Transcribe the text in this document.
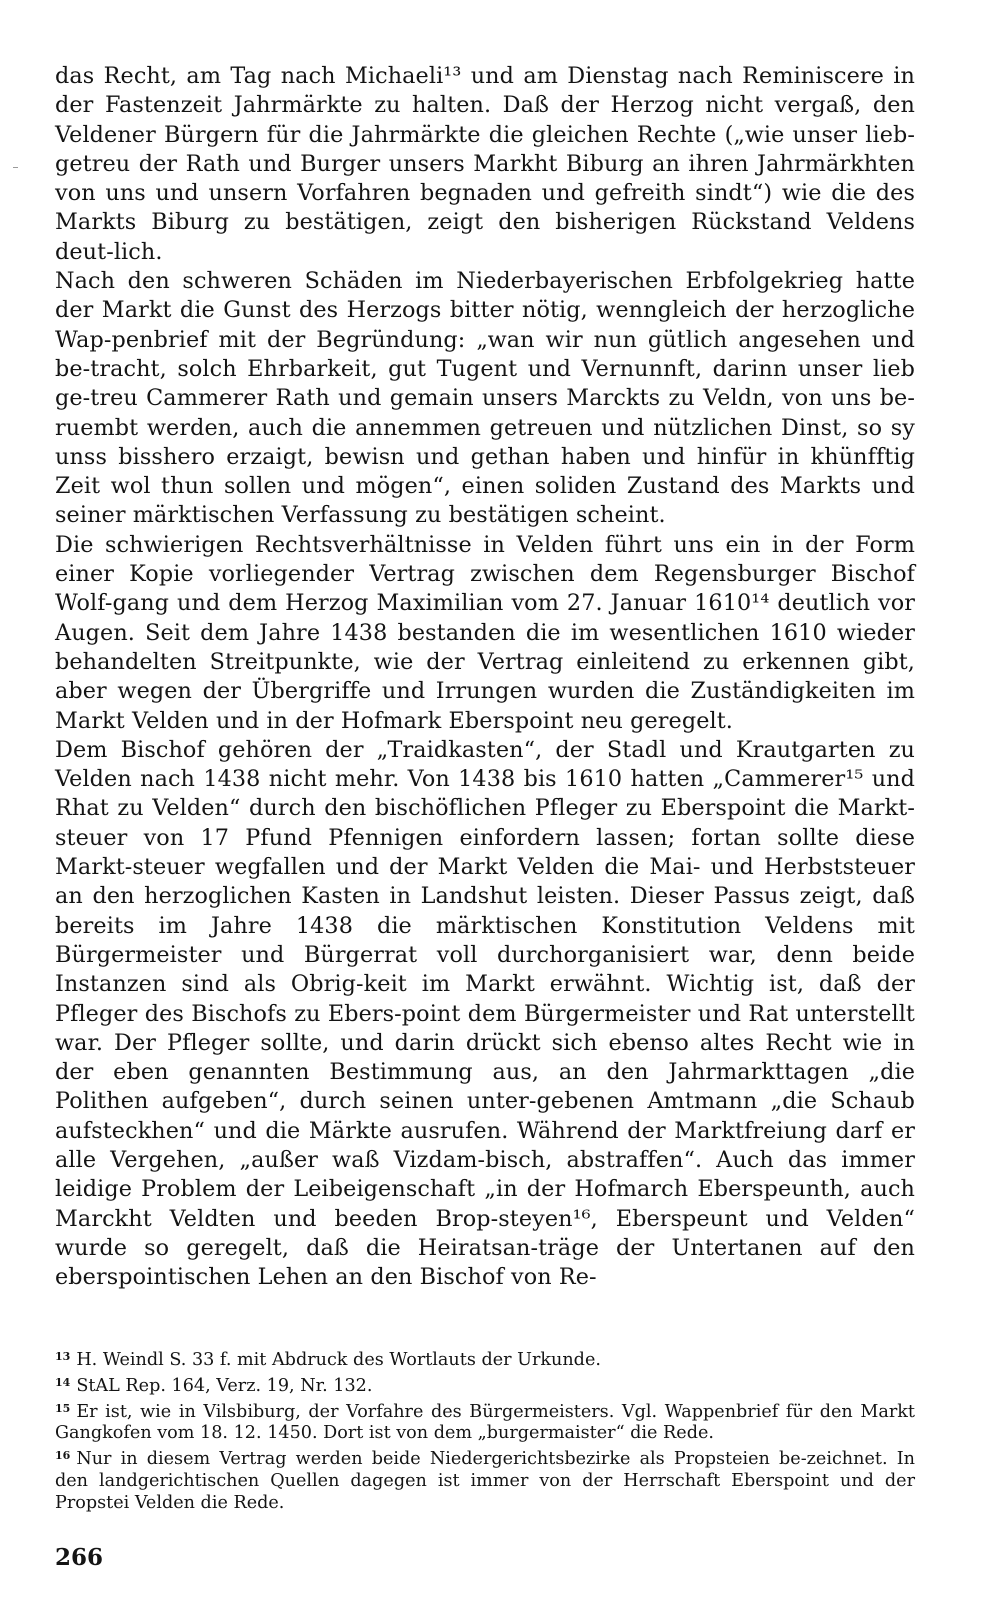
das Recht, am Tag nach Michaeli¹³ und am Dienstag nach Reminiscere in der Fastenzeit Jahrmärkte zu halten. Daß der Herzog nicht vergaß, den Veldener Bürgern für die Jahrmärkte die gleichen Rechte („wie unser lieb-getreu der Rath und Burger unsers Markht Biburg an ihren Jahrmärkhten von uns und unsern Vorfahren begnaden und gefreith sindt“) wie die des Markts Biburg zu bestätigen, zeigt den bisherigen Rückstand Veldens deut-lich.

Nach den schweren Schäden im Niederbayerischen Erbfolgekrieg hatte der Markt die Gunst des Herzogs bitter nötig, wenngleich der herzogliche Wap-penbrief mit der Begründung: „wan wir nun gütlich angesehen und be-tracht, solch Ehrbarkeit, gut Tugent und Vernunnft, darinn unser lieb ge-treu Cammerer Rath und gemain unsers Marckts zu Veldn, von uns be-ruembt werden, auch die annemmen getreuen und nützlichen Dinst, so sy unss bisshero erzaigt, bewisn und gethan haben und hinfür in khünfftig Zeit wol thun sollen und mögen“, einen soliden Zustand des Markts und seiner märktischen Verfassung zu bestätigen scheint.

Die schwierigen Rechtsverhältnisse in Velden führt uns ein in der Form einer Kopie vorliegender Vertrag zwischen dem Regensburger Bischof Wolf-gang und dem Herzog Maximilian vom 27. Januar 1610¹⁴ deutlich vor Augen. Seit dem Jahre 1438 bestanden die im wesentlichen 1610 wieder behandelten Streitpunkte, wie der Vertrag einleitend zu erkennen gibt, aber wegen der Übergriffe und Irrungen wurden die Zuständigkeiten im Markt Velden und in der Hofmark Eberspoint neu geregelt.

Dem Bischof gehören der „Traidkasten“, der Stadl und Krautgarten zu Velden nach 1438 nicht mehr. Von 1438 bis 1610 hatten „Cammerer¹⁵ und Rhat zu Velden“ durch den bischöflichen Pfleger zu Eberspoint die Markt-steuer von 17 Pfund Pfennigen einfordern lassen; fortan sollte diese Markt-steuer wegfallen und der Markt Velden die Mai- und Herbststeuer an den herzoglichen Kasten in Landshut leisten. Dieser Passus zeigt, daß bereits im Jahre 1438 die märktischen Konstitution Veldens mit Bürgermeister und Bürgerrat voll durchorganisiert war, denn beide Instanzen sind als Obrig-keit im Markt erwähnt. Wichtig ist, daß der Pfleger des Bischofs zu Ebers-point dem Bürgermeister und Rat unterstellt war. Der Pfleger sollte, und darin drückt sich ebenso altes Recht wie in der eben genannten Bestimmung aus, an den Jahrmarkttagen „die Polithen aufgeben“, durch seinen unter-gebenen Amtmann „die Schaub aufsteckhen“ und die Märkte ausrufen. Während der Marktfreiung darf er alle Vergehen, „außer waß Vizdam-bisch, abstraffen“. Auch das immer leidige Problem der Leibeigenschaft „in der Hofmarch Eberspeunth, auch Marckht Veldten und beeden Brop-steyen¹⁶, Eberspeunt und Velden“ wurde so geregelt, daß die Heiratsan-träge der Untertanen auf den eberspointischen Lehen an den Bischof von Re-

$^{13}$ H. Weindl S. 33 f. mit Abdruck des Wortlauts der Urkunde.

$^{14}$ StAL Rep. 164, Verz. 19, Nr. 132.

$^{15}$ Er ist, wie in Vilsbiburg, der Vorfahre des Bürgermeisters. Vgl. Wappenbrief für den Markt Gangkofen vom 18. 12. 1450. Dort ist von dem „burgermaister“ die Rede.

$^{16}$ Nur in diesem Vertrag werden beide Niedergerichtsbezirke als Propsteien be-zeichnet. In den landgerichtischen Quellen dagegen ist immer von der Herrschaft Eberspoint und der Propstei Velden die Rede.

266
